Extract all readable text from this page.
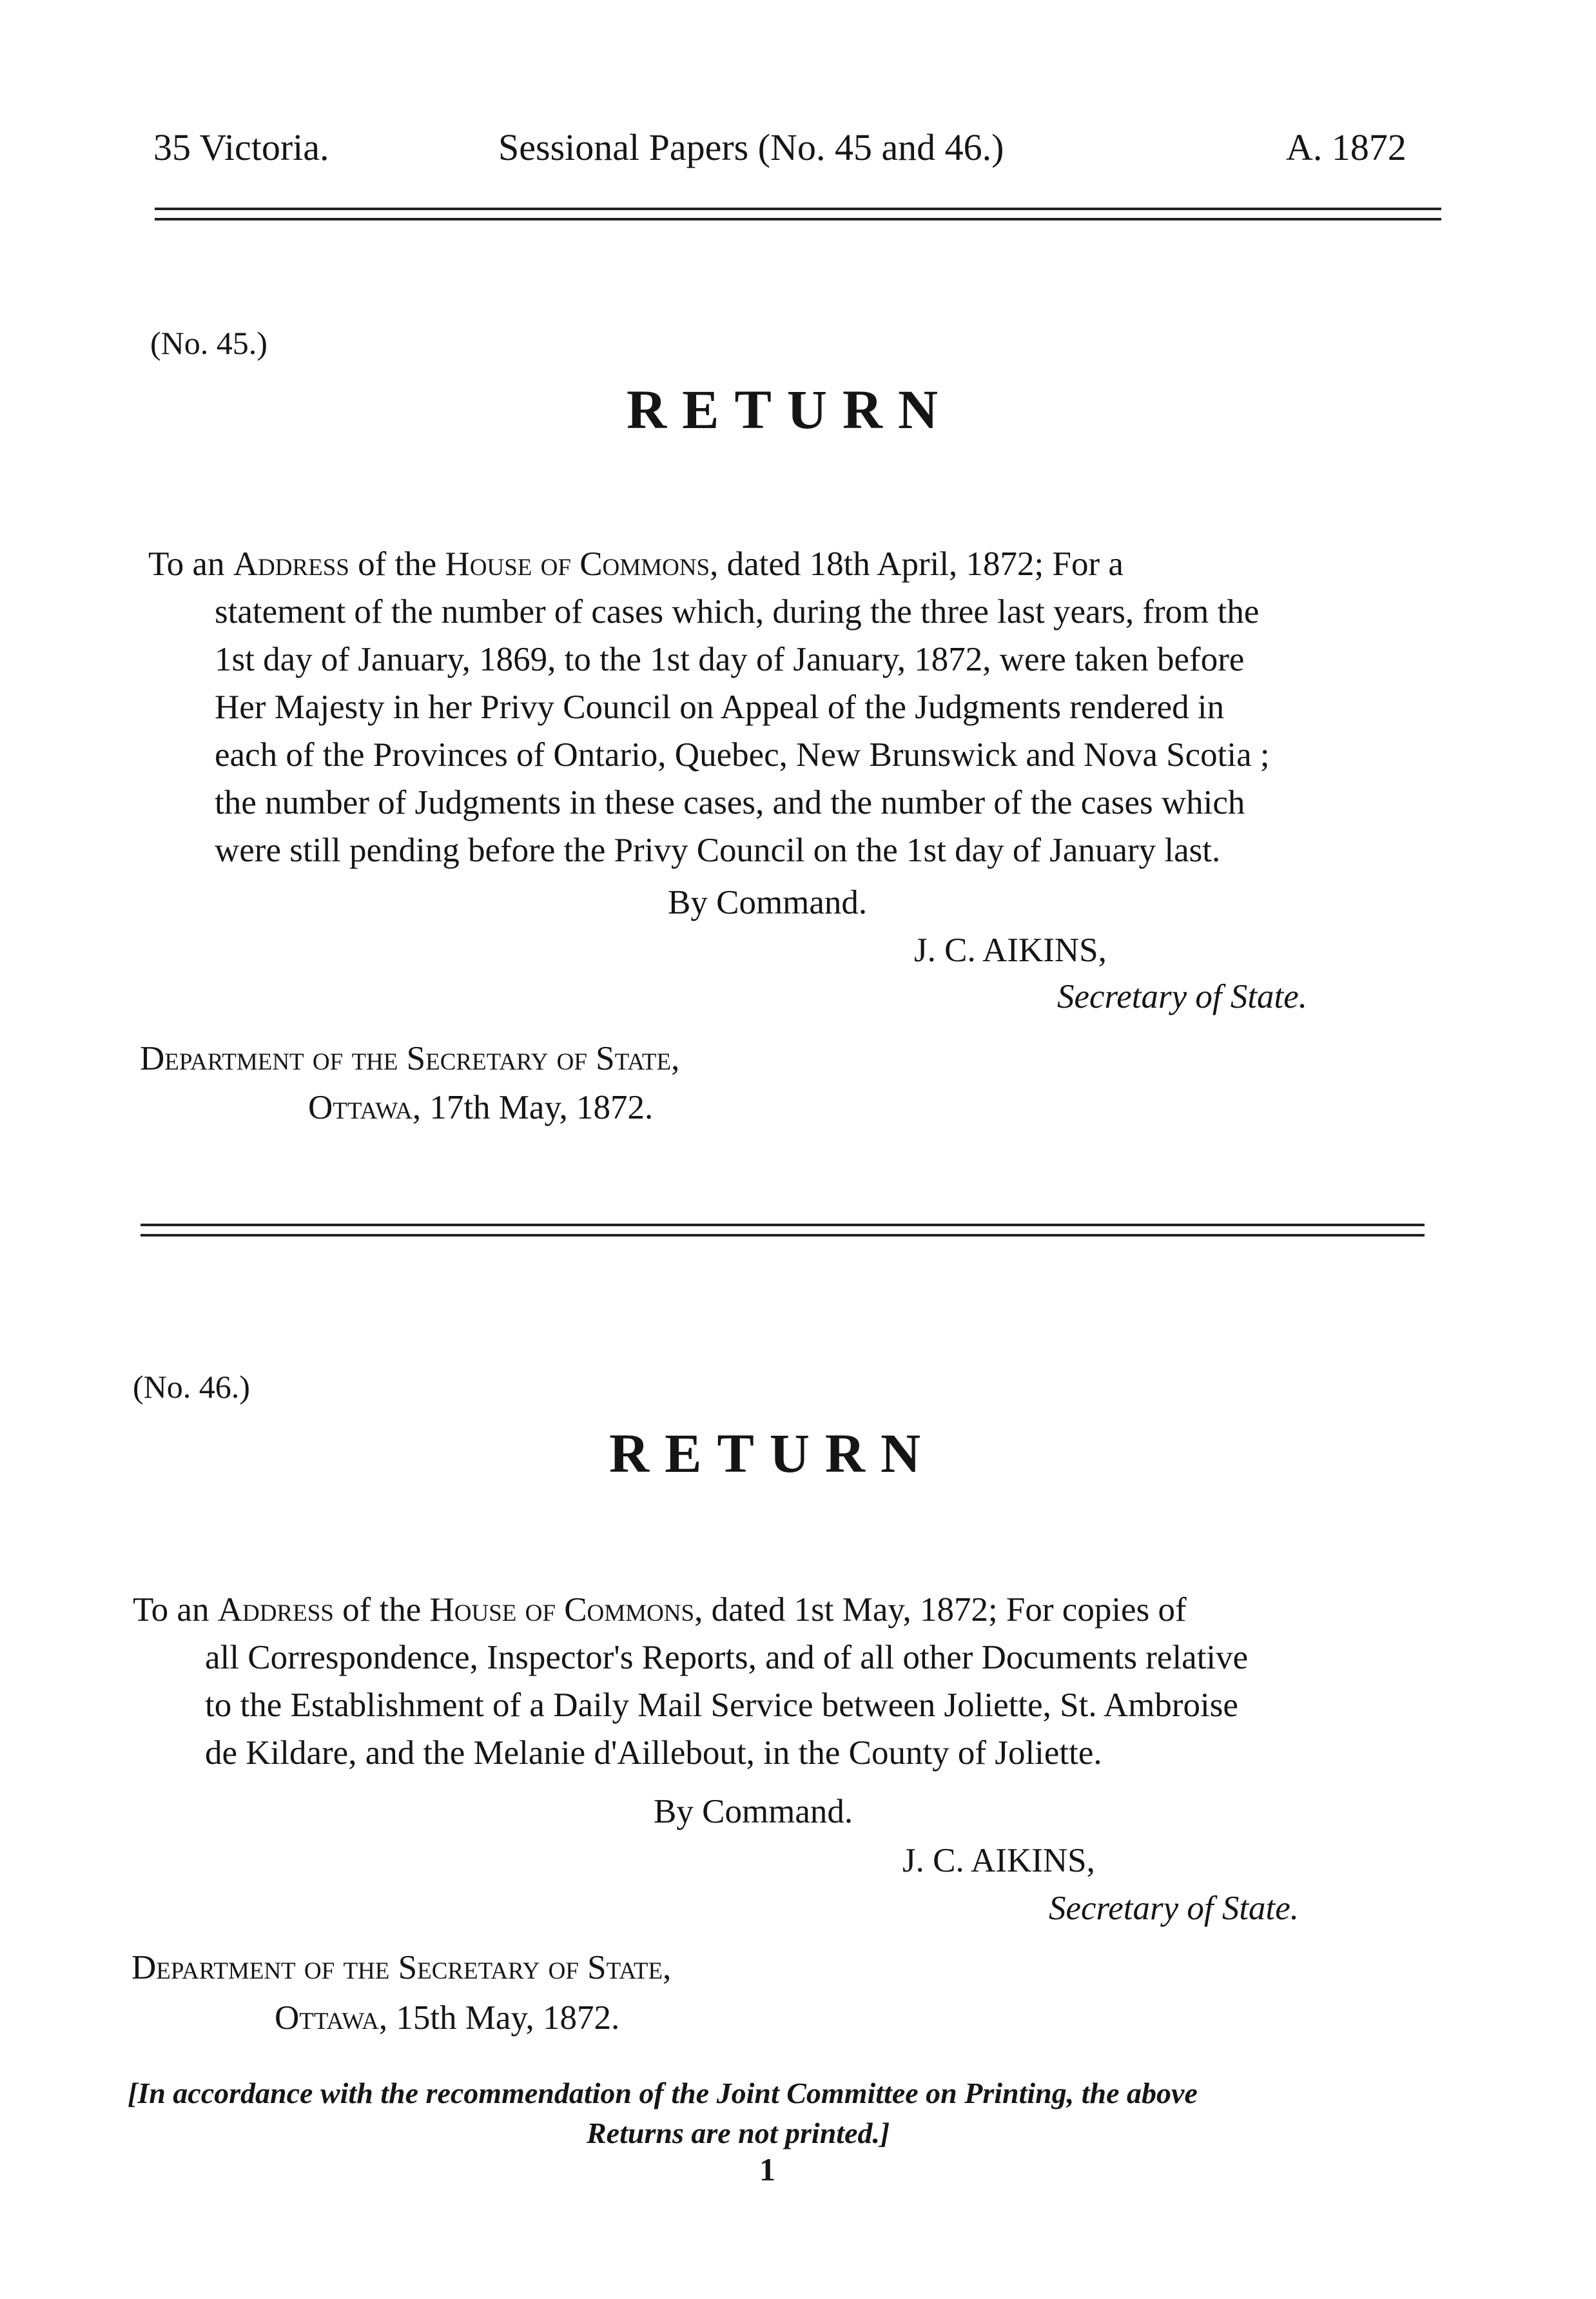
35 Victoria.	Sessional Papers (No. 45 and 46.)	A. 1872
(No. 45.)
RETURN
To an Address of the House of Commons, dated 18th April, 1872; For a
statement of the number of cases which, during the three last years, from the
1st day of January, 1869, to the 1st day of January, 1872, were taken before
Her Majesty in her Privy Council on Appeal of the Judgments rendered in
each of the Provinces of Ontario, Quebec, New Brunswick and Nova Scotia ;
the number of Judgments in these cases, and the number of the cases which
were still pending before the Privy Council on the 1st day of January last.
By Command.
J. C. AIKINS,
Secretary of State.
Department of the Secretary of State,
Ottawa, 17th May, 1872.
(No. 46.)
RETURN
To an Address of the House of Commons, dated 1st May, 1872; For copies of
all Correspondence, Inspector's Reports, and of all other Documents relative
to the Establishment of a Daily Mail Service between Joliette, St. Ambroise
de Kildare, and the Melanie d'Aillebout, in the County of Joliette.
By Command.
J. C. AIKINS,
Secretary of State.
Department of the Secretary of State,
Ottawa, 15th May, 1872.
[In accordance with the recommendation of the Joint Committee on Printing, the above
Returns are not printed.]
1
